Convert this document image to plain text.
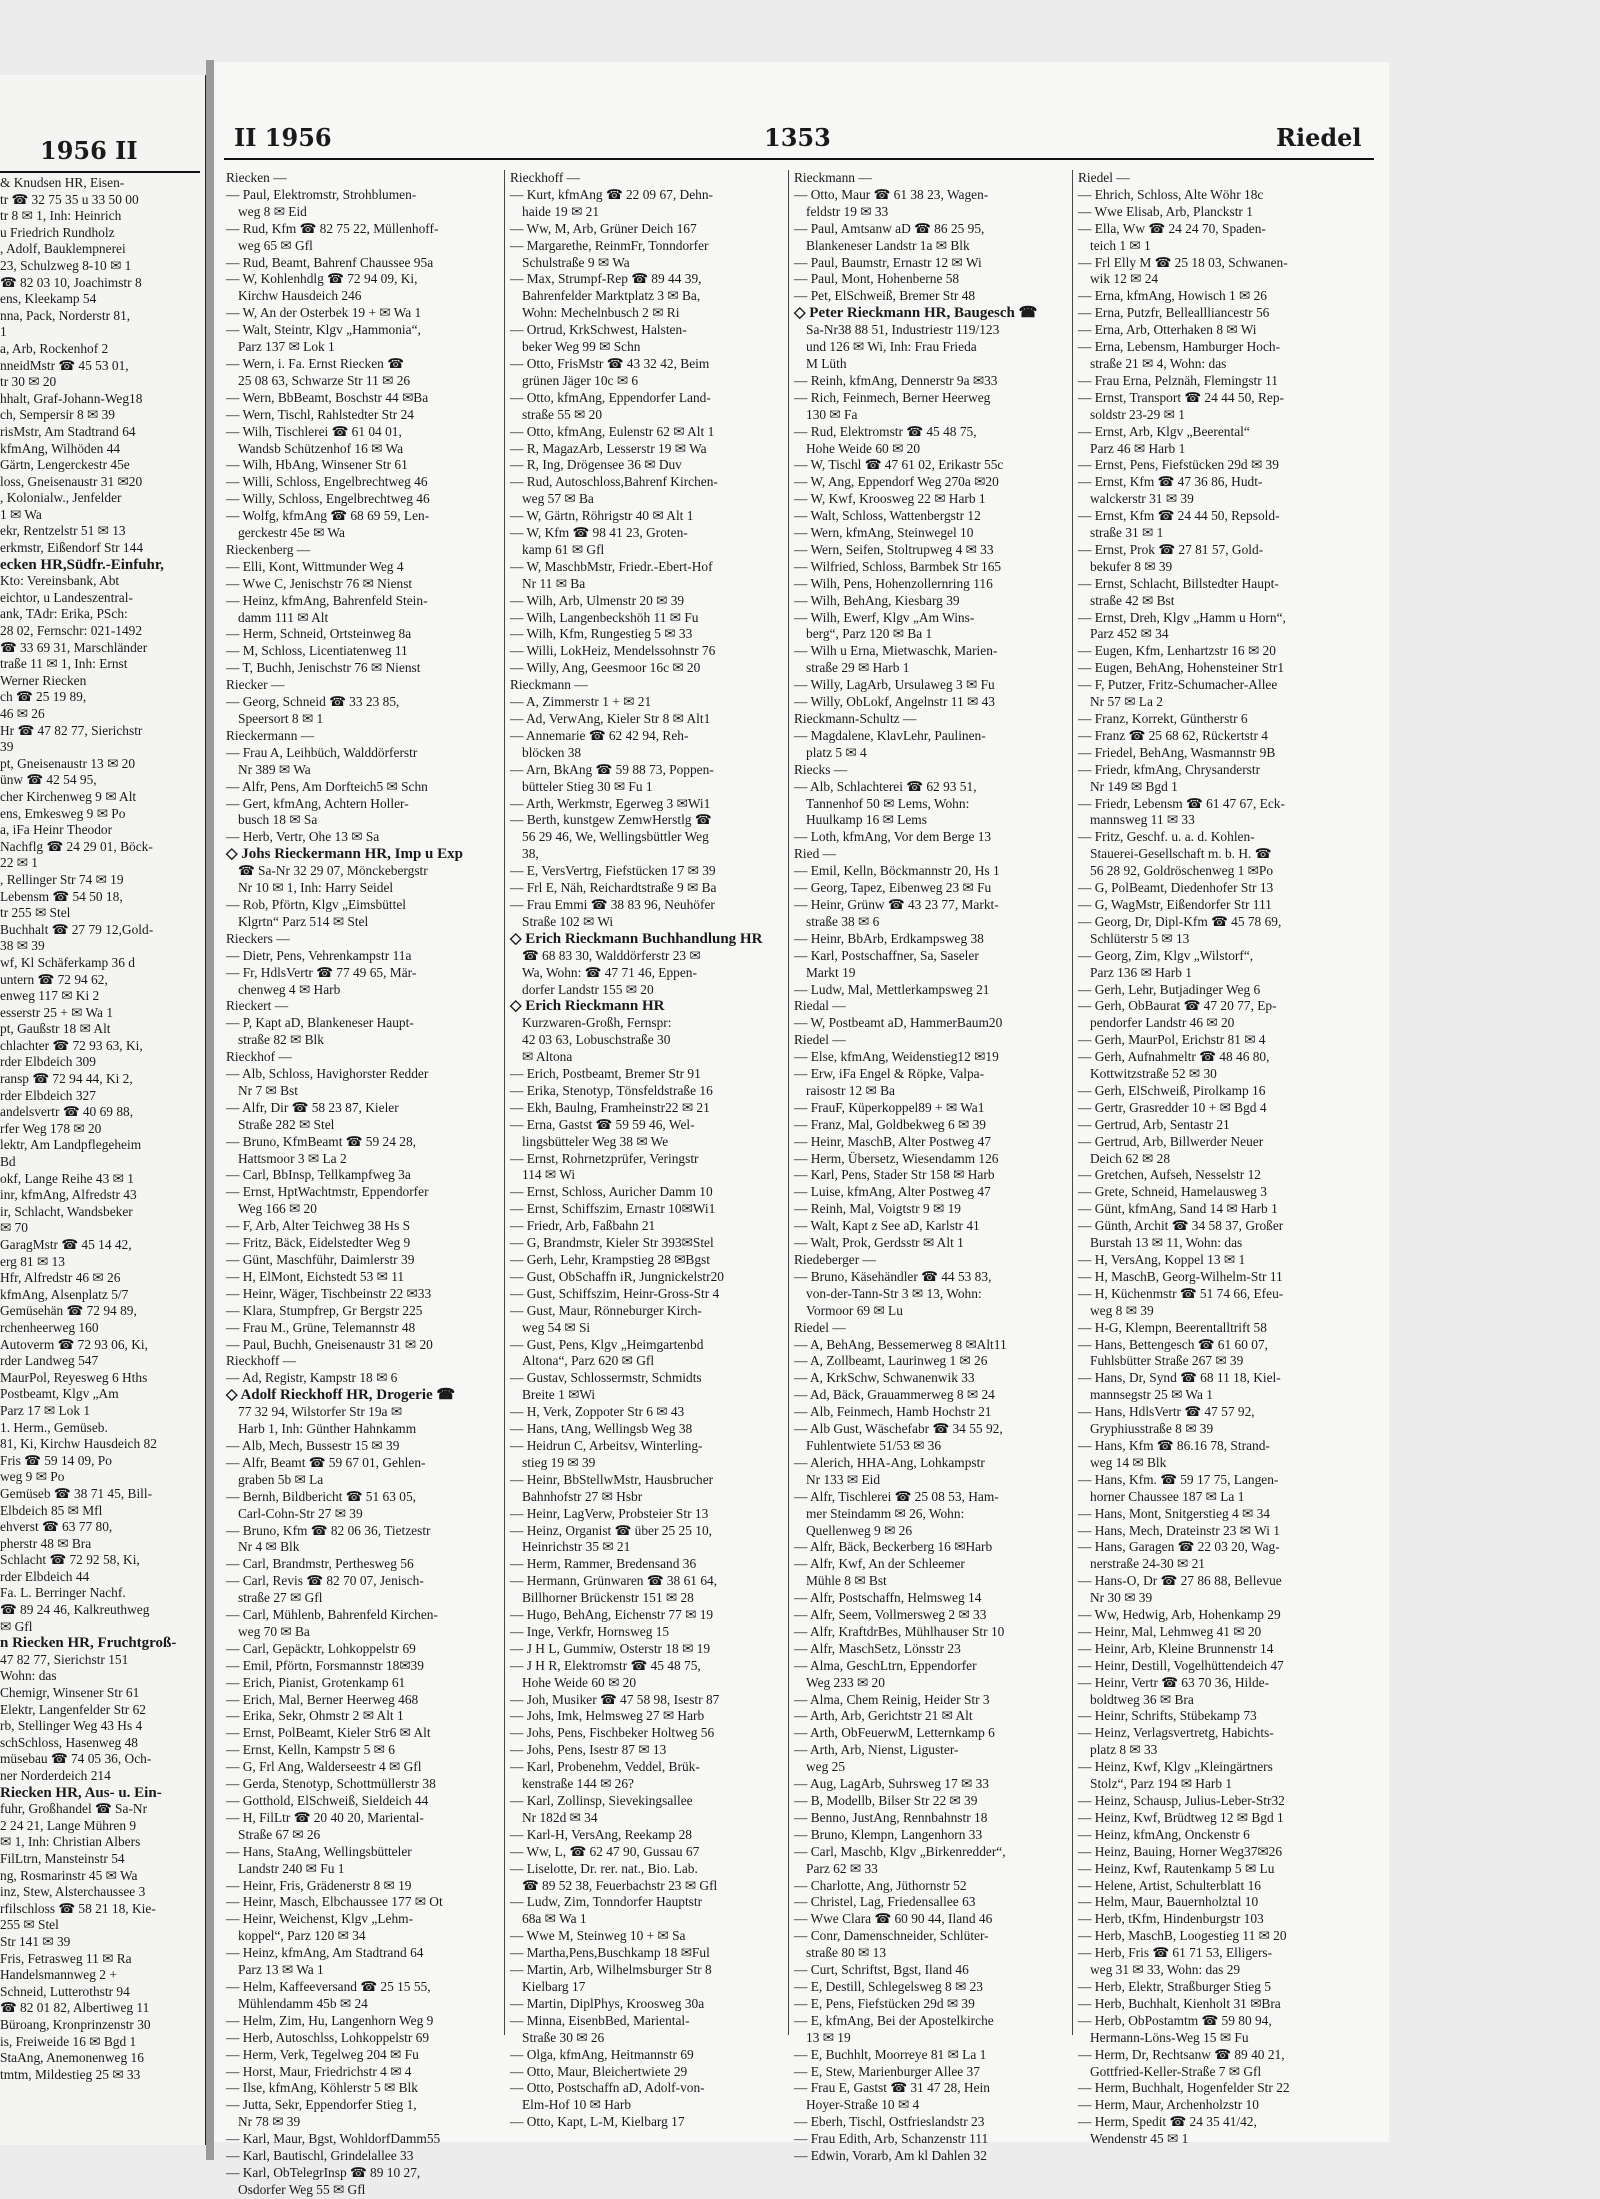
1956 II
& Knudsen HR, Eisen-
tr ☎ 32 75 35 u 33 50 00
tr 8 ✉ 1, Inh: Heinrich
u Friedrich Rundholz
, Adolf, Bauklempnerei
23, Schulzweg 8-10 ✉ 1
☎ 82 03 10, Joachimstr 8
ens, Kleekamp 54
nna, Pack, Norderstr 81,
1
a, Arb, Rockenhof 2
nneidMstr ☎ 45 53 01,
tr 30 ✉ 20
hhalt, Graf-Johann-Weg18
ch, Sempersir 8 ✉ 39
risMstr, Am Stadtrand 64
kfmAng, Wilhöden 44
Gärtn, Lengerckestr 45e
loss, Gneisenaustr 31 ✉20
, Kolonialw., Jenfelder
1 ✉ Wa
ekr, Rentzelstr 51 ✉ 13
erkmstr, Eißendorf Str 144
ecken HR,Südfr.-Einfuhr,
Kto: Vereinsbank, Abt
eichtor, u Landeszentral-
ank, TAdr: Erika, PSch:
28 02, Fernschr: 021-1492
☎ 33 69 31, Marschländer
traße 11 ✉ 1, Inh: Ernst
Werner Riecken
ch ☎ 25 19 89,
46 ✉ 26
Hr ☎ 47 82 77, Sierichstr
39
pt, Gneisenaustr 13 ✉ 20
ünw ☎ 42 54 95,
cher Kirchenweg 9 ✉ Alt
ens, Emkesweg 9 ✉ Po
a, iFa Heinr Theodor
Nachflg ☎ 24 29 01, Böck-
22 ✉ 1
, Rellinger Str 74 ✉ 19
Lebensm ☎ 54 50 18,
tr 255 ✉ Stel
Buchhalt ☎ 27 79 12,Gold-
38 ✉ 39
wf, Kl Schäferkamp 36 d
untern ☎ 72 94 62,
enweg 117 ✉ Ki 2
esserstr 25 + ✉ Wa 1
pt, Gaußstr 18 ✉ Alt
chlachter ☎ 72 93 63, Ki,
rder Elbdeich 309
ransp ☎ 72 94 44, Ki 2,
rder Elbdeich 327
andelsvertr ☎ 40 69 88,
rfer Weg 178 ✉ 20
lektr, Am Landpflegeheim
Bd
okf, Lange Reihe 43 ✉ 1
inr, kfmAng, Alfredstr 43
ir, Schlacht, Wandsbeker
✉ 70
GaragMstr ☎ 45 14 42,
erg 81 ✉ 13
Hfr, Alfredstr 46 ✉ 26
kfmAng, Alsenplatz 5/7
Gemüsehän ☎ 72 94 89,
rchenheerweg 160
Autoverm ☎ 72 93 06, Ki,
rder Landweg 547
MaurPol, Reyesweg 6 Hths
Postbeamt, Klgv „Am
Parz 17 ✉ Lok 1
1. Herm., Gemüseb.
81, Ki, Kirchw Hausdeich 82
Fris ☎ 59 14 09, Po
weg 9 ✉ Po
Gemüseb ☎ 38 71 45, Bill-
Elbdeich 85 ✉ Mfl
ehverst ☎ 63 77 80,
pherstr 48 ✉ Bra
Schlacht ☎ 72 92 58, Ki,
rder Elbdeich 44
Fa. L. Berringer Nachf.
☎ 89 24 46, Kalkreuthweg
✉ Gfl
n Riecken HR, Fruchtgroß-
47 82 77, Sierichstr 151
Wohn: das
Chemigr, Winsener Str 61
Elektr, Langenfelder Str 62
rb, Stellinger Weg 43 Hs 4
schSchloss, Hasenweg 48
müsebau ☎ 74 05 36, Och-
ner Norderdeich 214
Riecken HR, Aus- u. Ein-
fuhr, Großhandel ☎ Sa-Nr
2 24 21, Lange Mühren 9
✉ 1, Inh: Christian Albers
FilLtrn, Mansteinstr 54
ng, Rosmarinstr 45 ✉ Wa
inz, Stew, Alsterchaussee 3
rfilschloss ☎ 58 21 18, Kie-
255 ✉ Stel
Str 141 ✉ 39
Fris, Fetrasweg 11 ✉ Ra
Handelsmannweg 2 +
Schneid, Lutterothstr 94
☎ 82 01 82, Albertiweg 11
Büroang, Kronprinzenstr 30
is, Freiweide 16 ✉ Bgd 1
StaAng, Anemonenweg 16
tmtm, Mildestieg 25 ✉ 33
II 1956	1353	Riedel
Riecken —
— Paul, Elektromstr, Strohblumen-
weg 8 ✉ Eid
— Rud, Kfm ☎ 82 75 22, Müllenhoff-
weg 65 ✉ Gfl
— Rud, Beamt, Bahrenf Chaussee 95a
— W, Kohlenhdlg ☎ 72 94 09, Ki,
Kirchw Hausdeich 246
— W, An der Osterbek 19 + ✉ Wa 1
— Walt, Steintr, Klgv „Hammonia“,
Parz 137 ✉ Lok 1
— Wern, i. Fa. Ernst Riecken ☎
25 08 63, Schwarze Str 11 ✉ 26
— Wern, BbBeamt, Boschstr 44 ✉Ba
— Wern, Tischl, Rahlstedter Str 24
— Wilh, Tischlerei ☎ 61 04 01,
Wandsb Schützenhof 16 ✉ Wa
— Wilh, HbAng, Winsener Str 61
— Willi, Schloss, Engelbrechtweg 46
— Willy, Schloss, Engelbrechtweg 46
— Wolfg, kfmAng ☎ 68 69 59, Len-
gerckestr 45e ✉ Wa
Rieckenberg —
— Elli, Kont, Wittmunder Weg 4
— Wwe C, Jenischstr 76 ✉ Nienst
— Heinz, kfmAng, Bahrenfeld Stein-
damm 111 ✉ Alt
— Herm, Schneid, Ortsteinweg 8a
— M, Schloss, Licentiatenweg 11
— T, Buchh, Jenischstr 76 ✉ Nienst
Riecker —
— Georg, Schneid ☎ 33 23 85,
Speersort 8 ✉ 1
Rieckermann —
— Frau A, Leihbüch, Walddörferstr
Nr 389 ✉ Wa
— Alfr, Pens, Am Dorfteich5 ✉ Schn
— Gert, kfmAng, Achtern Holler-
busch 18 ✉ Sa
— Herb, Vertr, Ohe 13 ✉ Sa
◇ Johs Rieckermann HR, Imp u Exp
☎ Sa-Nr 32 29 07, Mönckebergstr
Nr 10 ✉ 1, Inh: Harry Seidel
— Rob, Pförtn, Klgv „Eimsbüttel
Klgrtn“ Parz 514 ✉ Stel
Rieckers —
— Dietr, Pens, Vehrenkampstr 11a
— Fr, HdlsVertr ☎ 77 49 65, Mär-
chenweg 4 ✉ Harb
Rieckert —
— P, Kapt aD, Blankeneser Haupt-
straße 82 ✉ Blk
Rieckhof —
— Alb, Schloss, Havighorster Redder
Nr 7 ✉ Bst
— Alfr, Dir ☎ 58 23 87, Kieler
Straße 282 ✉ Stel
— Bruno, KfmBeamt ☎ 59 24 28,
Hattsmoor 3 ✉ La 2
— Carl, BbInsp, Tellkampfweg 3a
— Ernst, HptWachtmstr, Eppendorfer
Weg 166 ✉ 20
— F, Arb, Alter Teichweg 38 Hs S
— Fritz, Bäck, Eidelstedter Weg 9
— Günt, Maschführ, Daimlerstr 39
— H, ElMont, Eichstedt 53 ✉ 11
— Heinr, Wäger, Tischbeinstr 22 ✉33
— Klara, Stumpfrep, Gr Bergstr 225
— Frau M., Grüne, Telemannstr 48
— Paul, Buchh, Gneisenaustr 31 ✉ 20
Rieckhoff —
— Ad, Registr, Kampstr 18 ✉ 6
◇ Adolf Rieckhoff HR, Drogerie ☎
77 32 94, Wilstorfer Str 19a ✉
Harb 1, Inh: Günther Hahnkamm
— Alb, Mech, Bussestr 15 ✉ 39
— Alfr, Beamt ☎ 59 67 01, Gehlen-
graben 5b ✉ La
— Bernh, Bildbericht ☎ 51 63 05,
Carl-Cohn-Str 27 ✉ 39
— Bruno, Kfm ☎ 82 06 36, Tietzestr
Nr 4 ✉ Blk
— Carl, Brandmstr, Perthesweg 56
— Carl, Revis ☎ 82 70 07, Jenisch-
straße 27 ✉ Gfl
— Carl, Mühlenb, Bahrenfeld Kirchen-
weg 70 ✉ Ba
— Carl, Gepäcktr, Lohkoppelstr 69
— Emil, Pförtn, Forsmannstr 18✉39
— Erich, Pianist, Grotenkamp 61
— Erich, Mal, Berner Heerweg 468
— Erika, Sekr, Ohmstr 2 ✉ Alt 1
— Ernst, PolBeamt, Kieler Str6 ✉ Alt
— Ernst, Kelln, Kampstr 5 ✉ 6
— G, Frl Ang, Walderseestr 4 ✉ Gfl
— Gerda, Stenotyp, Schottmüllerstr 38
— Gotthold, ElSchweiß, Sieldeich 44
— H, FilLtr ☎ 20 40 20, Mariental-
Straße 67 ✉ 26
— Hans, StaAng, Wellingsbütteler
Landstr 240 ✉ Fu 1
— Heinr, Fris, Grädenerstr 8 ✉ 19
— Heinr, Masch, Elbchaussee 177 ✉ Ot
— Heinr, Weichenst, Klgv „Lehm-
koppel“, Parz 120 ✉ 34
— Heinz, kfmAng, Am Stadtrand 64
Parz 13 ✉ Wa 1
— Helm, Kaffeeversand ☎ 25 15 55,
Mühlendamm 45b ✉ 24
— Helm, Zim, Hu, Langenhorn Weg 9
— Herb, Autoschlss, Lohkoppelstr 69
— Herm, Verk, Tegelweg 204 ✉ Fu
— Horst, Maur, Friedrichstr 4 ✉ 4
— Ilse, kfmAng, Köhlerstr 5 ✉ Blk
— Jutta, Sekr, Eppendorfer Stieg 1,
Nr 78 ✉ 39
— Karl, Maur, Bgst, WohldorfDamm55
— Karl, Bautischl, Grindelallee 33
— Karl, ObTelegrInsp ☎ 89 10 27,
Osdorfer Weg 55 ✉ Gfl
Rieckhoff —
— Kurt, kfmAng ☎ 22 09 67, Dehn-
haide 19 ✉ 21
— Ww, M, Arb, Grüner Deich 167
— Margarethe, ReinmFr, Tonndorfer
Schulstraße 9 ✉ Wa
— Max, Strumpf-Rep ☎ 89 44 39,
Bahrenfelder Marktplatz 3 ✉ Ba,
Wohn: Mechelnbusch 2 ✉ Ri
— Ortrud, KrkSchwest, Halsten-
beker Weg 99 ✉ Schn
— Otto, FrisMstr ☎ 43 32 42, Beim
grünen Jäger 10c ✉ 6
— Otto, kfmAng, Eppendorfer Land-
straße 55 ✉ 20
— Otto, kfmAng, Eulenstr 62 ✉ Alt 1
— R, MagazArb, Lesserstr 19 ✉ Wa
— R, Ing, Drögensee 36 ✉ Duv
— Rud, Autoschloss,Bahrenf Kirchen-
weg 57 ✉ Ba
— W, Gärtn, Röhrigstr 40 ✉ Alt 1
— W, Kfm ☎ 98 41 23, Groten-
kamp 61 ✉ Gfl
— W, MaschbMstr, Friedr.-Ebert-Hof
Nr 11 ✉ Ba
— Wilh, Arb, Ulmenstr 20 ✉ 39
— Wilh, Langenbeckshöh 11 ✉ Fu
— Wilh, Kfm, Rungestieg 5 ✉ 33
— Willi, LokHeiz, Mendelssohnstr 76
— Willy, Ang, Geesmoor 16c ✉ 20
Rieckmann —
— A, Zimmerstr 1 + ✉ 21
— Ad, VerwAng, Kieler Str 8 ✉ Alt1
— Annemarie ☎ 62 42 94, Reh-
blöcken 38
— Arn, BkAng ☎ 59 88 73, Poppen-
bütteler Stieg 30 ✉ Fu 1
— Arth, Werkmstr, Egerweg 3 ✉Wi1
— Berth, kunstgew ZemwHerstlg ☎
56 29 46, We, Wellingsbüttler Weg
38,
— E, VersVertrg, Fiefstücken 17 ✉ 39
— Frl E, Näh, Reichardtstraße 9 ✉ Ba
— Frau Emmi ☎ 38 83 96, Neuhöfer
Straße 102 ✉ Wi
◇ Erich Rieckmann Buchhandlung HR
☎ 68 83 30, Walddörferstr 23 ✉
Wa, Wohn: ☎ 47 71 46, Eppen-
dorfer Landstr 155 ✉ 20
◇ Erich Rieckmann HR
Kurzwaren-Großh, Fernspr:
42 03 63, Lobuschstraße 30
✉ Altona
— Erich, Postbeamt, Bremer Str 91
— Erika, Stenotyp, Tönsfeldstraße 16
— Ekh, Baulng, Framheinstr22 ✉ 21
— Erna, Gastst ☎ 59 59 46, Wel-
lingsbütteler Weg 38 ✉ We
— Ernst, Rohrnetzprüfer, Veringstr
114 ✉ Wi
— Ernst, Schloss, Auricher Damm 10
— Ernst, Schiffszim, Ernastr 10✉Wi1
— Friedr, Arb, Faßbahn 21
— G, Brandmstr, Kieler Str 393✉Stel
— Gerh, Lehr, Krampstieg 28 ✉Bgst
— Gust, ObSchaffn iR, Jungnickelstr20
— Gust, Schiffszim, Heinr-Gross-Str 4
— Gust, Maur, Rönneburger Kirch-
weg 54 ✉ Si
— Gust, Pens, Klgv „Heimgartenbd
Altona“, Parz 620 ✉ Gfl
— Gustav, Schlossermstr, Schmidts
Breite 1 ✉Wi
— H, Verk, Zoppoter Str 6 ✉ 43
— Hans, tAng, Wellingsb Weg 38
— Heidrun C, Arbeitsv, Winterling-
stieg 19 ✉ 39
— Heinr, BbStellwMstr, Hausbrucher
Bahnhofstr 27 ✉ Hsbr
— Heinr, LagVerw, Probsteier Str 13
— Heinz, Organist ☎ über 25 25 10,
Heinrichstr 35 ✉ 21
— Herm, Rammer, Bredensand 36
— Hermann, Grünwaren ☎ 38 61 64,
Billhorner Brückenstr 151 ✉ 28
— Hugo, BehAng, Eichenstr 77 ✉ 19
— Inge, Verkfr, Hornsweg 15
— J H L, Gummiw, Osterstr 18 ✉ 19
— J H R, Elektromstr ☎ 45 48 75,
Hohe Weide 60 ✉ 20
— Joh, Musiker ☎ 47 58 98, Isestr 87
— Johs, Imk, Helmsweg 27 ✉ Harb
— Johs, Pens, Fischbeker Holtweg 56
— Johs, Pens, Isestr 87 ✉ 13
— Karl, Probenehm, Veddel, Brük-
kenstraße 144 ✉ 26?
— Karl, Zollinsp, Sievekingsallee
Nr 182d ✉ 34
— Karl-H, VersAng, Reekamp 28
— Ww, L, ☎ 62 47 90, Gussau 67
— Liselotte, Dr. rer. nat., Bio. Lab.
☎ 89 52 38, Feuerbachstr 23 ✉ Gfl
— Ludw, Zim, Tonndorfer Hauptstr
68a ✉ Wa 1
— Wwe M, Steinweg 10 + ✉ Sa
— Martha,Pens,Buschkamp 18 ✉Ful
— Martin, Arb, Wilhelmsburger Str 8
Kielbarg 17
— Martin, DiplPhys, Kroosweg 30a
— Minna, EisenbBed, Mariental-
Straße 30 ✉ 26
— Olga, kfmAng, Heitmannstr 69
— Otto, Maur, Bleichertwiete 29
— Otto, Postschaffn aD, Adolf-von-
Elm-Hof 10 ✉ Harb
— Otto, Kapt, L-M, Kielbarg 17
Rieckmann —
— Otto, Maur ☎ 61 38 23, Wagen-
feldstr 19 ✉ 33
— Paul, Amtsanw aD ☎ 86 25 95,
Blankeneser Landstr 1a ✉ Blk
— Paul, Baumstr, Ernastr 12 ✉ Wi
— Paul, Mont, Hohenberne 58
— Pet, ElSchweiß, Bremer Str 48
◇ Peter Rieckmann HR, Baugesch ☎
Sa-Nr38 88 51, Industriestr 119/123
und 126 ✉ Wi, Inh: Frau Frieda
M Lüth
— Reinh, kfmAng, Dennerstr 9a ✉33
— Rich, Feinmech, Berner Heerweg
130 ✉ Fa
— Rud, Elektromstr ☎ 45 48 75,
Hohe Weide 60 ✉ 20
— W, Tischl ☎ 47 61 02, Erikastr 55c
— W, Ang, Eppendorf Weg 270a ✉20
— W, Kwf, Kroosweg 22 ✉ Harb 1
— Walt, Schloss, Wattenbergstr 12
— Wern, kfmAng, Steinwegel 10
— Wern, Seifen, Stoltrupweg 4 ✉ 33
— Wilfried, Schloss, Barmbek Str 165
— Wilh, Pens, Hohenzollernring 116
— Wilh, BehAng, Kiesbarg 39
— Wilh, Ewerf, Klgv „Am Wins-
berg“, Parz 120 ✉ Ba 1
— Wilh u Erna, Mietwaschk, Marien-
straße 29 ✉ Harb 1
— Willy, LagArb, Ursulaweg 3 ✉ Fu
— Willy, ObLokf, Angelnstr 11 ✉ 43
Rieckmann-Schultz —
— Magdalene, KlavLehr, Paulinen-
platz 5 ✉ 4
Riecks —
— Alb, Schlachterei ☎ 62 93 51,
Tannenhof 50 ✉ Lems, Wohn:
Huulkamp 16 ✉ Lems
— Loth, kfmAng, Vor dem Berge 13
Ried —
— Emil, Kelln, Böckmannstr 20, Hs 1
— Georg, Tapez, Eibenweg 23 ✉ Fu
— Heinr, Grünw ☎ 43 23 77, Markt-
straße 38 ✉ 6
— Heinr, BbArb, Erdkampsweg 38
— Karl, Postschaffner, Sa, Saseler
Markt 19
— Ludw, Mal, Mettlerkampsweg 21
Riedal —
— W, Postbeamt aD, HammerBaum20
Riedel —
— Else, kfmAng, Weidenstieg12 ✉19
— Erw, iFa Engel & Röpke, Valpa-
raisostr 12 ✉ Ba
— FrauF, Küperkoppel89 + ✉ Wa1
— Franz, Mal, Goldbekweg 6 ✉ 39
— Heinr, MaschB, Alter Postweg 47
— Herm, Übersetz, Wiesendamm 126
— Karl, Pens, Stader Str 158 ✉ Harb
— Luise, kfmAng, Alter Postweg 47
— Reinh, Mal, Voigtstr 9 ✉ 19
— Walt, Kapt z See aD, Karlstr 41
— Walt, Prok, Gerdsstr ✉ Alt 1
Riedeberger —
— Bruno, Käsehändler ☎ 44 53 83,
von-der-Tann-Str 3 ✉ 13, Wohn:
Vormoor 69 ✉ Lu
Riedel —
— A, BehAng, Bessemerweg 8 ✉Alt11
— A, Zollbeamt, Laurinweg 1 ✉ 26
— A, KrkSchw, Schwanenwik 33
— Ad, Bäck, Grauammerweg 8 ✉ 24
— Alb, Feinmech, Hamb Hochstr 21
— Alb Gust, Wäschefabr ☎ 34 55 92,
Fuhlentwiete 51/53 ✉ 36
— Alerich, HHA-Ang, Lohkampstr
Nr 133 ✉ Eid
— Alfr, Tischlerei ☎ 25 08 53, Ham-
mer Steindamm ✉ 26, Wohn:
Quellenweg 9 ✉ 26
— Alfr, Bäck, Beckerberg 16 ✉Harb
— Alfr, Kwf, An der Schleemer
Mühle 8 ✉ Bst
— Alfr, Postschaffn, Helmsweg 14
— Alfr, Seem, Vollmersweg 2 ✉ 33
— Alfr, KraftdrBes, Mühlhauser Str 10
— Alfr, MaschSetz, Lönsstr 23
— Alma, GeschLtrn, Eppendorfer
Weg 233 ✉ 20
— Alma, Chem Reinig, Heider Str 3
— Arth, Arb, Gerichtstr 21 ✉ Alt
— Arth, ObFeuerwM, Letternkamp 6
— Arth, Arb, Nienst, Liguster-
weg 25
— Aug, LagArb, Suhrsweg 17 ✉ 33
— B, Modellb, Bilser Str 22 ✉ 39
— Benno, JustAng, Rennbahnstr 18
— Bruno, Klempn, Langenhorn 33
— Carl, Maschb, Klgv „Birkenredder“,
Parz 62 ✉ 33
— Charlotte, Ang, Jüthornstr 52
— Christel, Lag, Friedensallee 63
— Wwe Clara ☎ 60 90 44, Iland 46
— Conr, Damenschneider, Schlüter-
straße 80 ✉ 13
— Curt, Schriftst, Bgst, Iland 46
— E, Destill, Schlegelsweg 8 ✉ 23
— E, Pens, Fiefstücken 29d ✉ 39
— E, kfmAng, Bei der Apostelkirche
13 ✉ 19
— E, Buchhlt, Moorreye 81 ✉ La 1
— E, Stew, Marienburger Allee 37
— Frau E, Gastst ☎ 31 47 28, Hein
Hoyer-Straße 10 ✉ 4
— Eberh, Tischl, Ostfrieslandstr 23
— Frau Edith, Arb, Schanzenstr 111
— Edwin, Vorarb, Am kl Dahlen 32
Riedel —
— Ehrich, Schloss, Alte Wöhr 18c
— Wwe Elisab, Arb, Planckstr 1
— Ella, Ww ☎ 24 24 70, Spaden-
teich 1 ✉ 1
— Frl Elly M ☎ 25 18 03, Schwanen-
wik 12 ✉ 24
— Erna, kfmAng, Howisch 1 ✉ 26
— Erna, Putzfr, Belleallliancestr 56
— Erna, Arb, Otterhaken 8 ✉ Wi
— Erna, Lebensm, Hamburger Hoch-
straße 21 ✉ 4, Wohn: das
— Frau Erna, Pelznäh, Flemingstr 11
— Ernst, Transport ☎ 24 44 50, Rep-
soldstr 23-29 ✉ 1
— Ernst, Arb, Klgv „Beerental“
Parz 46 ✉ Harb 1
— Ernst, Pens, Fiefstücken 29d ✉ 39
— Ernst, Kfm ☎ 47 36 86, Hudt-
walckerstr 31 ✉ 39
— Ernst, Kfm ☎ 24 44 50, Repsold-
straße 31 ✉ 1
— Ernst, Prok ☎ 27 81 57, Gold-
bekufer 8 ✉ 39
— Ernst, Schlacht, Billstedter Haupt-
straße 42 ✉ Bst
— Ernst, Dreh, Klgv „Hamm u Horn“,
Parz 452 ✉ 34
— Eugen, Kfm, Lenhartzstr 16 ✉ 20
— Eugen, BehAng, Hohensteiner Str1
— F, Putzer, Fritz-Schumacher-Allee
Nr 57 ✉ La 2
— Franz, Korrekt, Güntherstr 6
— Franz ☎ 25 68 62, Rückertstr 4
— Friedel, BehAng, Wasmannstr 9B
— Friedr, kfmAng, Chrysanderstr
Nr 149 ✉ Bgd 1
— Friedr, Lebensm ☎ 61 47 67, Eck-
mannsweg 11 ✉ 33
— Fritz, Geschf. u. a. d. Kohlen-
Stauerei-Gesellschaft m. b. H. ☎
56 28 92, Goldröschenweg 1 ✉Po
— G, PolBeamt, Diedenhofer Str 13
— G, WagMstr, Eißendorfer Str 111
— Georg, Dr, Dipl-Kfm ☎ 45 78 69,
Schlüterstr 5 ✉ 13
— Georg, Zim, Klgv „Wilstorf“,
Parz 136 ✉ Harb 1
— Gerh, Lehr, Butjadinger Weg 6
— Gerh, ObBaurat ☎ 47 20 77, Ep-
pendorfer Landstr 46 ✉ 20
— Gerh, MaurPol, Erichstr 81 ✉ 4
— Gerh, Aufnahmeltr ☎ 48 46 80,
Kottwitzstraße 52 ✉ 30
— Gerh, ElSchweiß, Pirolkamp 16
— Gertr, Grasredder 10 + ✉ Bgd 4
— Gertrud, Arb, Sentastr 21
— Gertrud, Arb, Billwerder Neuer
Deich 62 ✉ 28
— Gretchen, Aufseh, Nesselstr 12
— Grete, Schneid, Hamelausweg 3
— Günt, kfmAng, Sand 14 ✉ Harb 1
— Günth, Archit ☎ 34 58 37, Großer
Burstah 13 ✉ 11, Wohn: das
— H, VersAng, Koppel 13 ✉ 1
— H, MaschB, Georg-Wilhelm-Str 11
— H, Küchenmstr ☎ 51 74 66, Efeu-
weg 8 ✉ 39
— H-G, Klempn, Beerentalltrift 58
— Hans, Bettengesch ☎ 61 60 07,
Fuhlsbütter Straße 267 ✉ 39
— Hans, Dr, Synd ☎ 68 11 18, Kiel-
mannsegstr 25 ✉ Wa 1
— Hans, HdlsVertr ☎ 47 57 92,
Gryphiusstraße 8 ✉ 39
— Hans, Kfm ☎ 86.16 78, Strand-
weg 14 ✉ Blk
— Hans, Kfm. ☎ 59 17 75, Langen-
horner Chaussee 187 ✉ La 1
— Hans, Mont, Snitgerstieg 4 ✉ 34
— Hans, Mech, Drateinstr 23 ✉ Wi 1
— Hans, Garagen ☎ 22 03 20, Wag-
nerstraße 24-30 ✉ 21
— Hans-O, Dr ☎ 27 86 88, Bellevue
Nr 30 ✉ 39
— Ww, Hedwig, Arb, Hohenkamp 29
— Heinr, Mal, Lehmweg 41 ✉ 20
— Heinr, Arb, Kleine Brunnenstr 14
— Heinr, Destill, Vogelhüttendeich 47
— Heinr, Vertr ☎ 63 70 36, Hilde-
boldtweg 36 ✉ Bra
— Heinr, Schrifts, Stübekamp 73
— Heinz, Verlagsvertretg, Habichts-
platz 8 ✉ 33
— Heinz, Kwf, Klgv „Kleingärtners
Stolz“, Parz 194 ✉ Harb 1
— Heinz, Schausp, Julius-Leber-Str32
— Heinz, Kwf, Brüdtweg 12 ✉ Bgd 1
— Heinz, kfmAng, Onckenstr 6
— Heinz, Bauing, Horner Weg37✉26
— Heinz, Kwf, Rautenkamp 5 ✉ Lu
— Helene, Artist, Schulterblatt 16
— Helm, Maur, Bauernholztal 10
— Herb, tKfm, Hindenburgstr 103
— Herb, MaschB, Loogestieg 11 ✉ 20
— Herb, Fris ☎ 61 71 53, Elligers-
weg 31 ✉ 33, Wohn: das 29
— Herb, Elektr, Straßburger Stieg 5
— Herb, Buchhalt, Kienholt 31 ✉Bra
— Herb, ObPostamtm ☎ 59 80 94,
Hermann-Löns-Weg 15 ✉ Fu
— Herm, Dr, Rechtsanw ☎ 89 40 21,
Gottfried-Keller-Straße 7 ✉ Gfl
— Herm, Buchhalt, Hogenfelder Str 22
— Herm, Maur, Archenholzstr 10
— Herm, Spedit ☎ 24 35 41/42,
Wendenstr 45 ✉ 1
